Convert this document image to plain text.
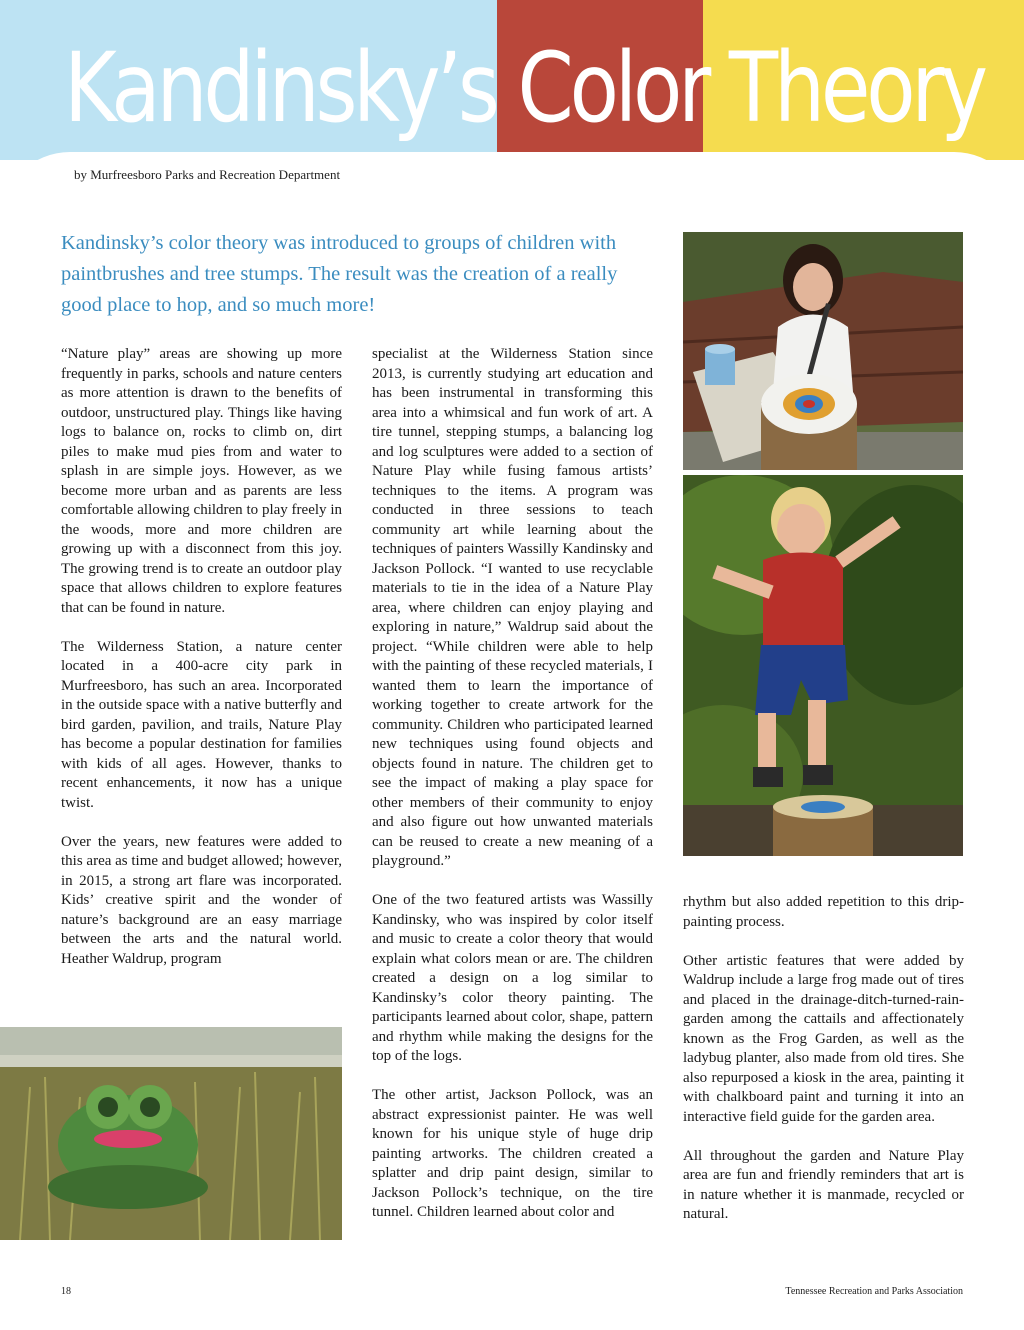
Kandinsky’s Color Theory
by Murfreesboro Parks and Recreation Department

Kandinsky’s color theory was introduced to groups of children with paintbrushes and tree stumps. The result was the creation of a really good place to hop, and so much more!

“Nature play” areas are showing up more frequently in parks, schools and nature centers as more attention is drawn to the benefits of outdoor, unstructured play. Things like having logs to balance on, rocks to climb on, dirt piles to make mud pies from and water to splash in are simple joys. However, as we become more urban and as parents are less comfortable allowing children to play freely in the woods, more and more children are growing up with a disconnect from this joy. The growing trend is to create an outdoor play space that allows children to explore features that can be found in nature.

The Wilderness Station, a nature center located in a 400-acre city park in Murfreesboro, has such an area. Incorporated in the outside space with a native butterfly and bird garden, pavilion, and trails, Nature Play has become a popular destination for families with kids of all ages. However, thanks to recent enhancements, it now has a unique twist.

Over the years, new features were added to this area as time and budget allowed; however, in 2015, a strong art flare was incorporated. Kids’ creative spirit and the wonder of nature’s background are an easy marriage between the arts and the natural world. Heather Waldrup, program

specialist at the Wilderness Station since 2013, is currently studying art education and has been instrumental in transforming this area into a whimsical and fun work of art. A tire tunnel, stepping stumps, a balancing log and log sculptures were added to a section of Nature Play while fusing famous artists’ techniques to the items. A program was conducted in three sessions to teach community art while learning about the techniques of painters Wassilly Kandinsky and Jackson Pollock. “I wanted to use recyclable materials to tie in the idea of a Nature Play area, where children can enjoy playing and exploring in nature,” Waldrup said about the project. “While children were able to help with the painting of these recycled materials, I wanted them to learn the importance of working together to create artwork for the community. Children who participated learned new techniques using found objects and objects found in nature. The children get to see the impact of making a play space for other members of their community to enjoy and also figure out how unwanted materials can be reused to create a new meaning of a playground.”

One of the two featured artists was Wassilly Kandinsky, who was inspired by color itself and music to create a color theory that would explain what colors mean or are. The children created a design on a log similar to Kandinsky’s color theory painting. The participants learned about color, shape, pattern and rhythm while making the designs for the top of the logs.

The other artist, Jackson Pollock, was an abstract expressionist painter. He was well known for his unique style of huge drip painting artworks. The children created a splatter and drip paint design, similar to Jackson Pollock’s technique, on the tire tunnel. Children learned about color and

rhythm but also added repetition to this drip-painting process.

Other artistic features that were added by Waldrup include a large frog made out of tires and placed in the drainage-ditch-turned-rain-garden among the cattails and affectionately known as the Frog Garden, as well as the ladybug planter, also made from old tires. She also repurposed a kiosk in the area, painting it with chalkboard paint and turning it into an interactive field guide for the garden area.

All throughout the garden and Nature Play area are fun and friendly reminders that art is in nature whether it is manmade, recycled or natural.

18	Tennessee Recreation and Parks Association
